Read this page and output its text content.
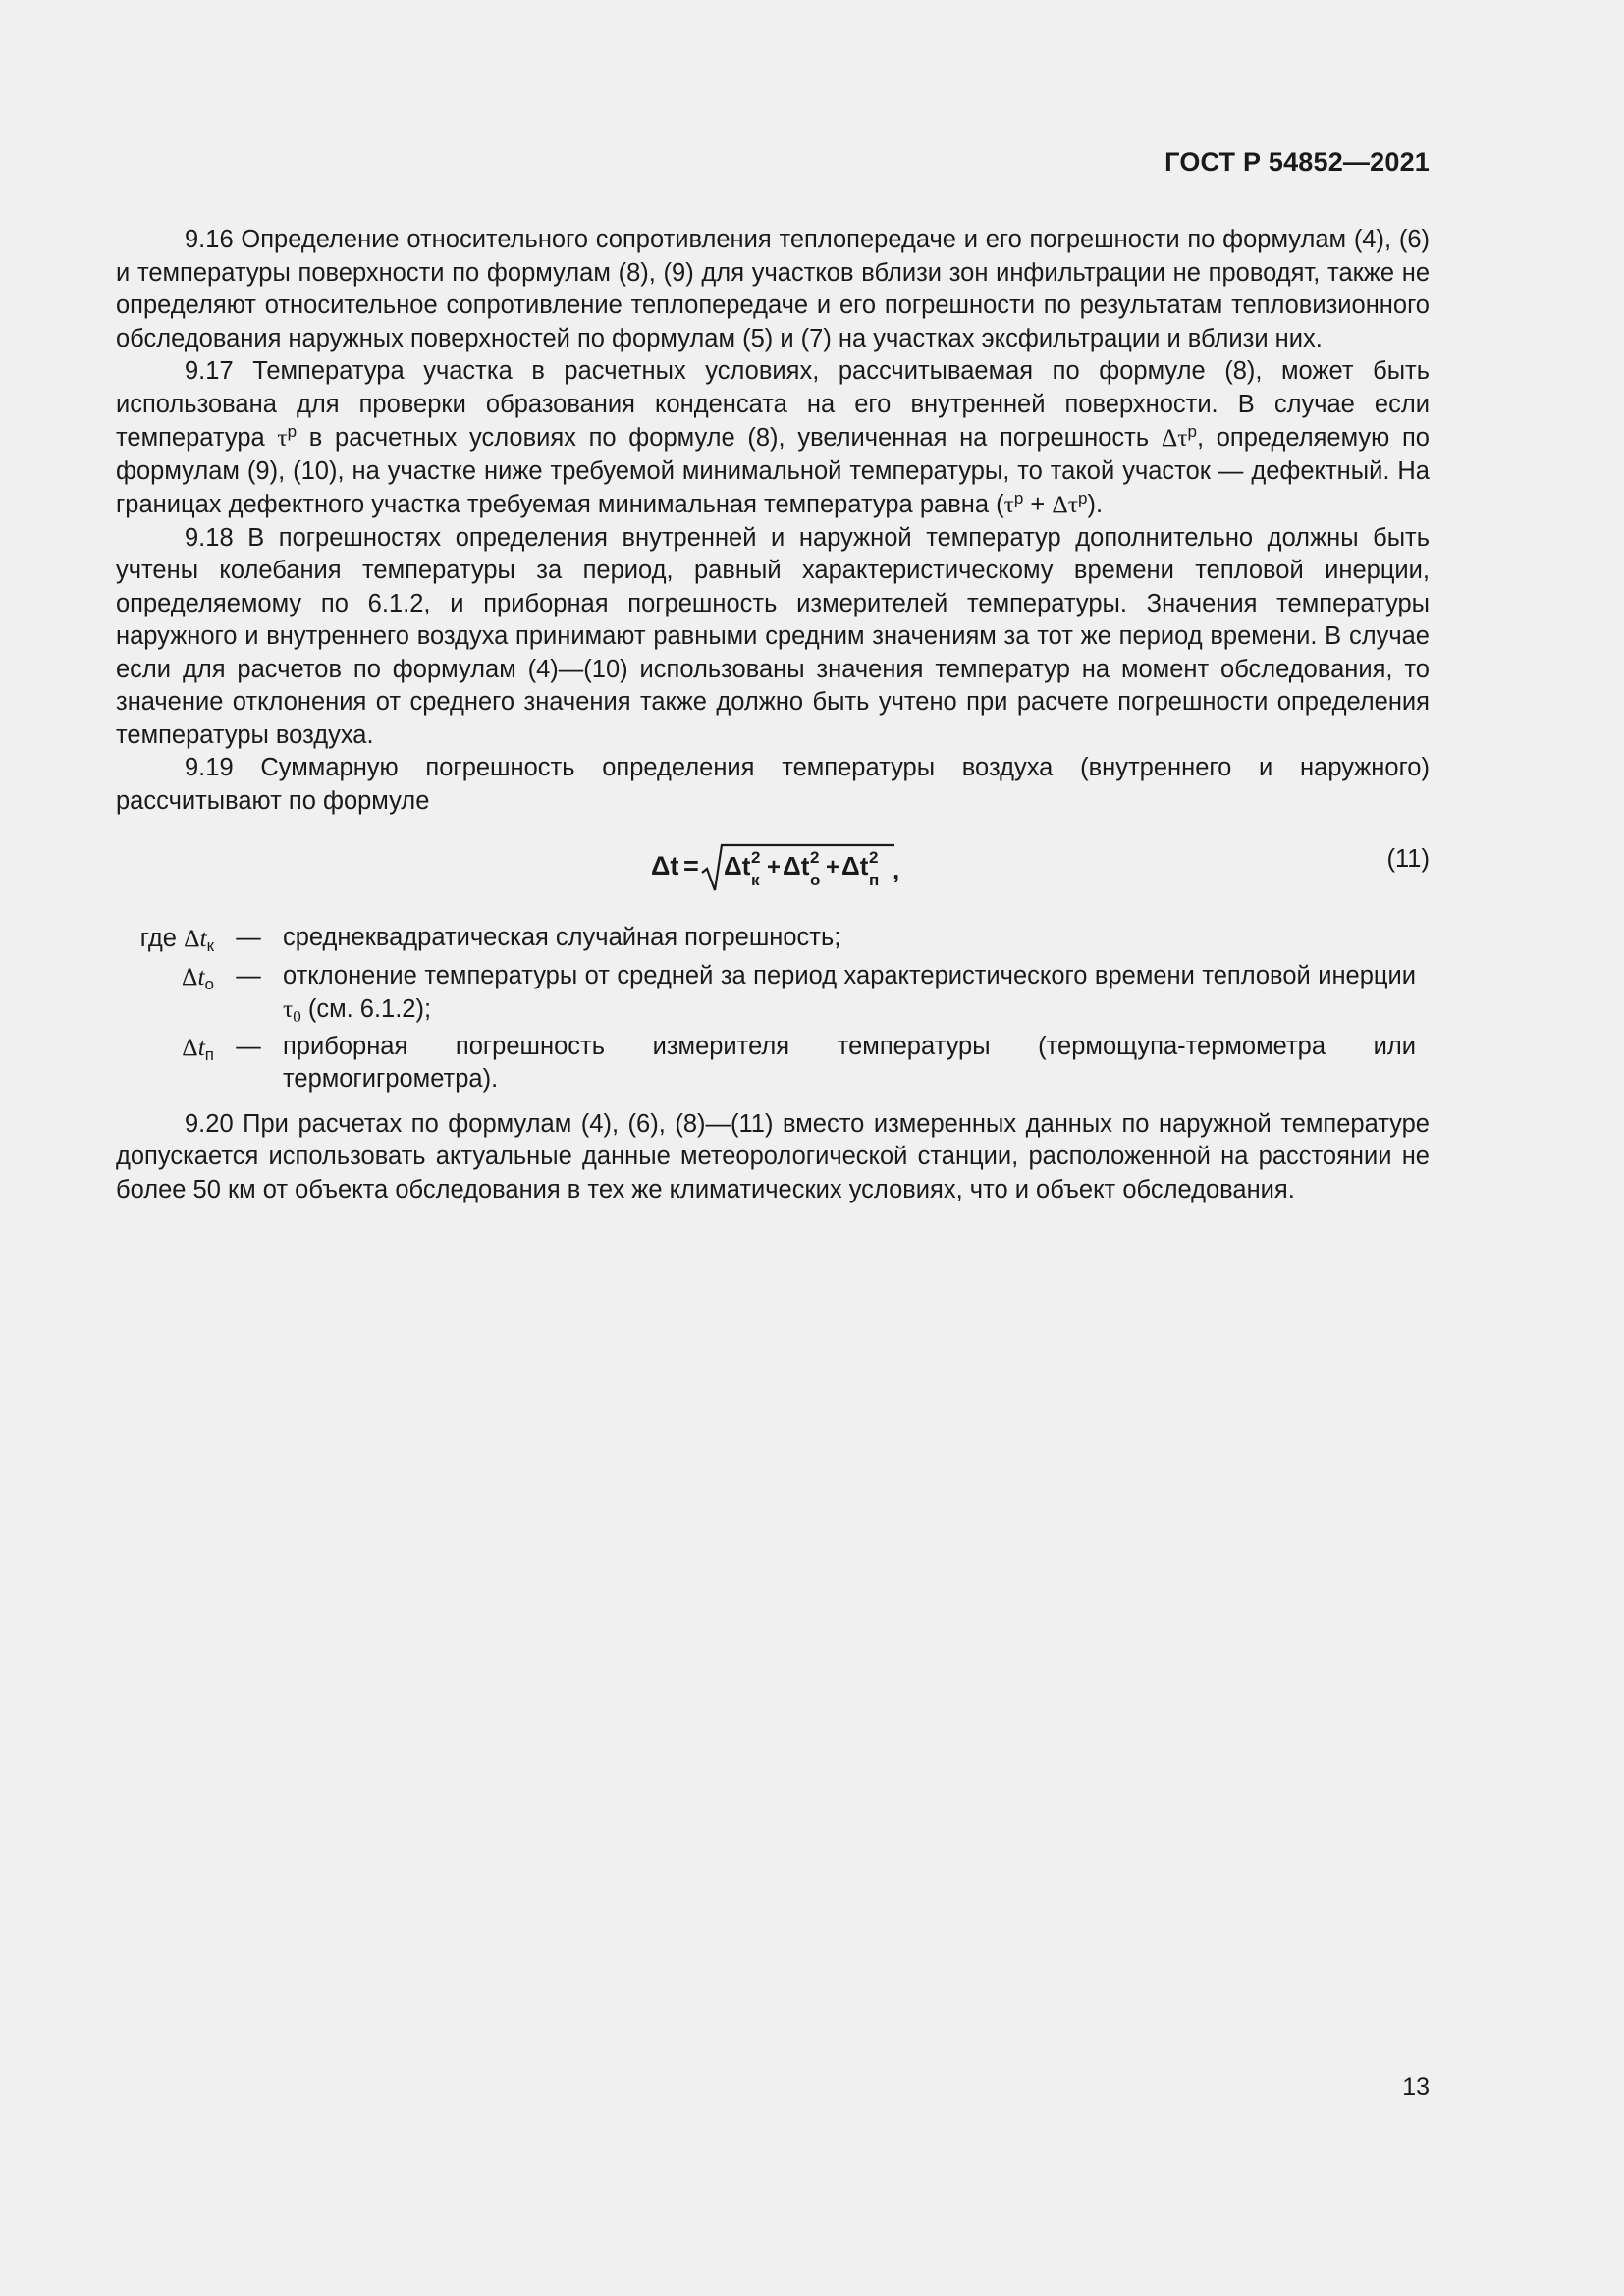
ГОСТ Р 54852—2021

9.16 Определение относительного сопротивления теплопередаче и его погрешности по формулам (4), (6) и температуры поверхности по формулам (8), (9) для участков вблизи зон инфильтрации не проводят, также не определяют относительное сопротивление теплопередаче и его погрешности по результатам тепловизионного обследования наружных поверхностей по формулам (5) и (7) на участках эксфильтрации и вблизи них.

9.17 Температура участка в расчетных условиях, рассчитываемая по формуле (8), может быть использована для проверки образования конденсата на его внутренней поверхности. В случае если температура $\tau^р$ в расчетных условиях по формуле (8), увеличенная на погрешность $\Delta\tau^р$, определяемую по формулам (9), (10), на участке ниже требуемой минимальной температуры, то такой участок — дефектный. На границах дефектного участка требуемая минимальная температура равна $(\tau^р + \Delta\tau^р)$.

9.18 В погрешностях определения внутренней и наружной температур дополнительно должны быть учтены колебания температуры за период, равный характеристическому времени тепловой инерции, определяемому по 6.1.2, и приборная погрешность измерителей температуры. Значения температуры наружного и внутреннего воздуха принимают равными средним значениям за тот же период времени. В случае если для расчетов по формулам (4)—(10) использованы значения температур на момент обследования, то значение отклонения от среднего значения также должно быть учтено при расчете погрешности определения температуры воздуха.

9.19 Суммарную погрешность определения температуры воздуха (внутреннего и наружного) рассчитывают по формуле

Δt = Δt 2
к + Δt 2
о + Δt 2
п ,	(11)
где $\Delta t_к$ — среднеквадратическая случайная погрешность;
$\Delta t_о$ — отклонение температуры от средней за период характеристического времени тепловой инерции $\tau_0$ (см. 6.1.2);
$\Delta t_п$ — приборная погрешность измерителя температуры (термощупа-термометра или термогигрометра).

9.20 При расчетах по формулам (4), (6), (8)—(11) вместо измеренных данных по наружной температуре допускается использовать актуальные данные метеорологической станции, расположенной на расстоянии не более 50 км от объекта обследования в тех же климатических условиях, что и объект обследования.

13
